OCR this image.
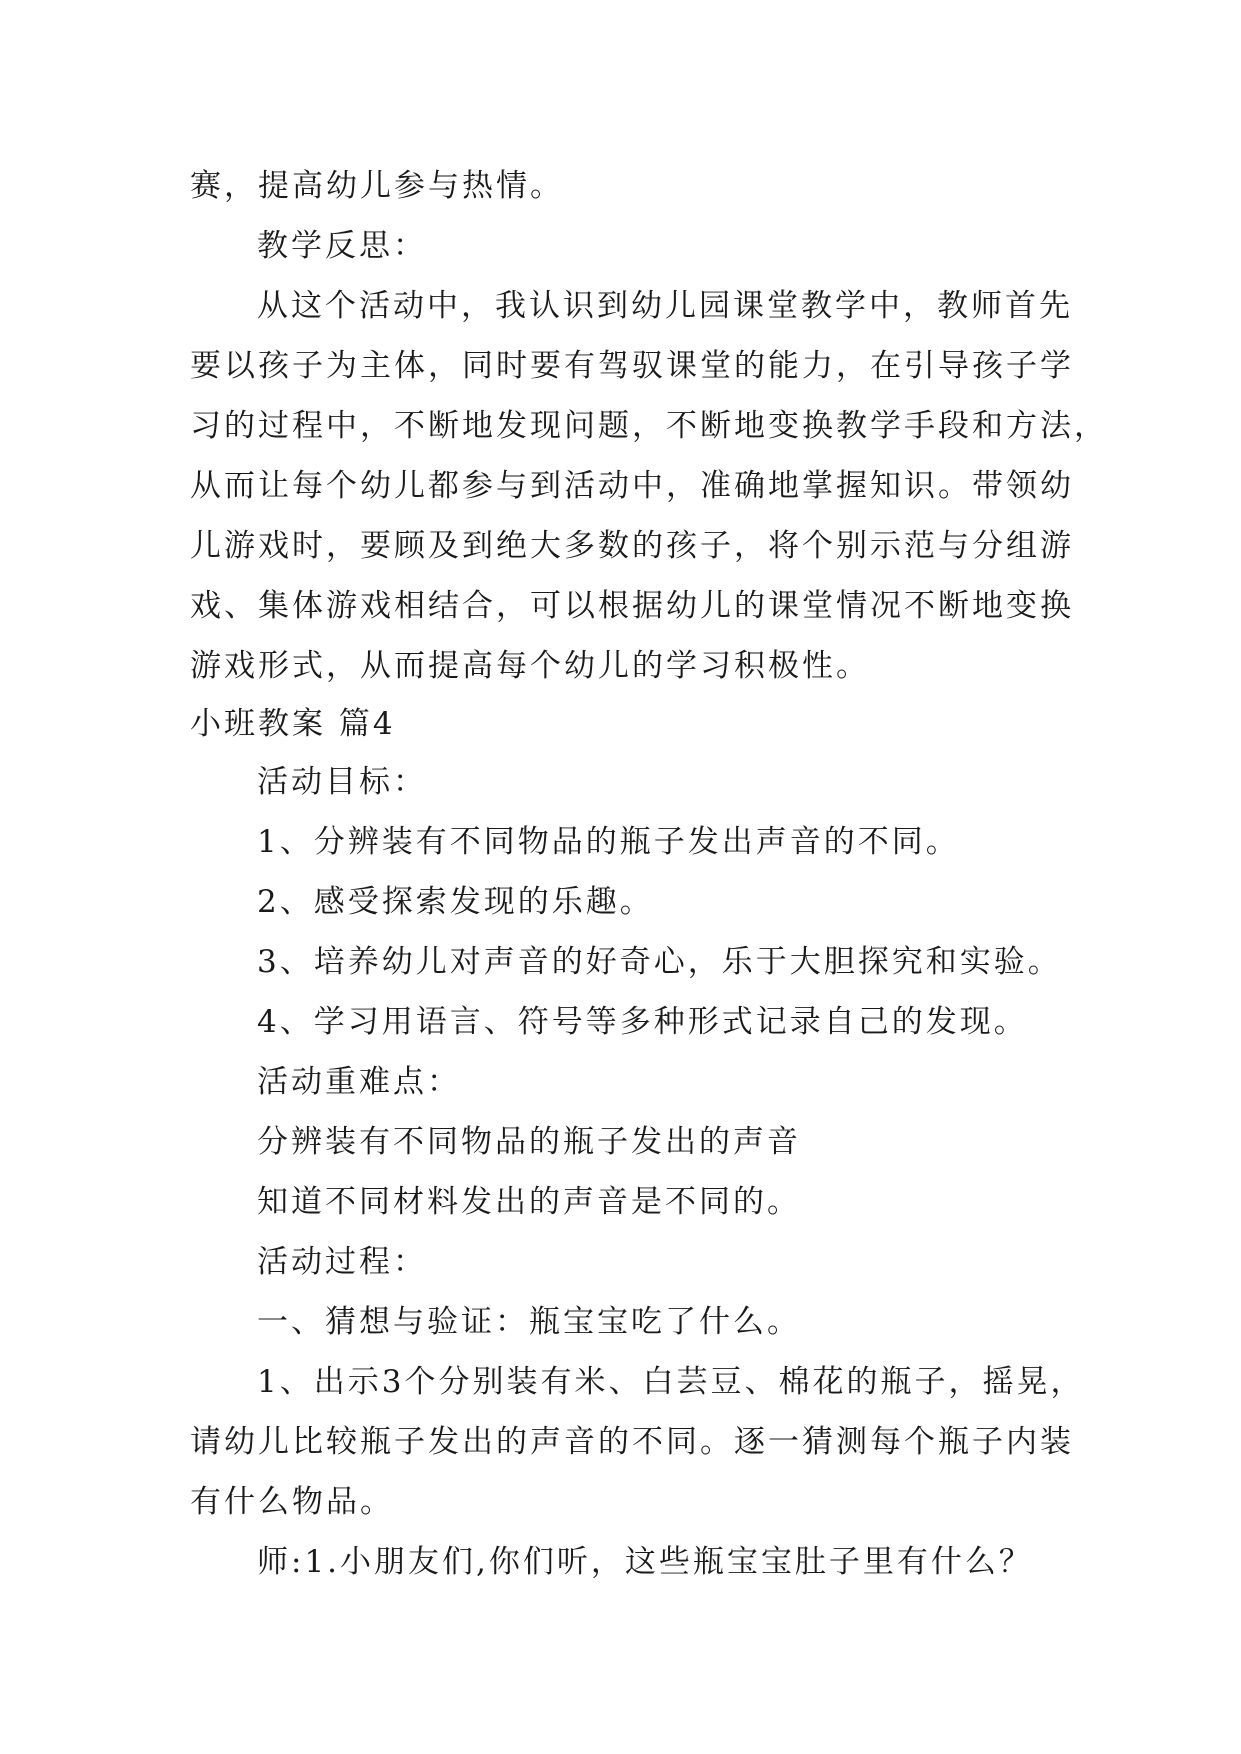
赛，提高幼儿参与热情。
教学反思：
从这个活动中，我认识到幼儿园课堂教学中，教师首先
要以孩子为主体，同时要有驾驭课堂的能力，在引导孩子学
习的过程中，不断地发现问题，不断地变换教学手段和方法，
从而让每个幼儿都参与到活动中，准确地掌握知识。带领幼
儿游戏时，要顾及到绝大多数的孩子，将个别示范与分组游
戏、集体游戏相结合，可以根据幼儿的课堂情况不断地变换
游戏形式，从而提高每个幼儿的学习积极性。
小班教案 篇4
活动目标：
1、分辨装有不同物品的瓶子发出声音的不同。
2、感受探索发现的乐趣。
3、培养幼儿对声音的好奇心，乐于大胆探究和实验。
4、学习用语言、符号等多种形式记录自己的发现。
活动重难点：
分辨装有不同物品的瓶子发出的声音
知道不同材料发出的声音是不同的。
活动过程：
一、猜想与验证：瓶宝宝吃了什么。
1、出示3个分别装有米、白芸豆、棉花的瓶子，摇晃，
请幼儿比较瓶子发出的声音的不同。逐一猜测每个瓶子内装
有什么物品。
师:1.小朋友们,你们听，这些瓶宝宝肚子里有什么？
